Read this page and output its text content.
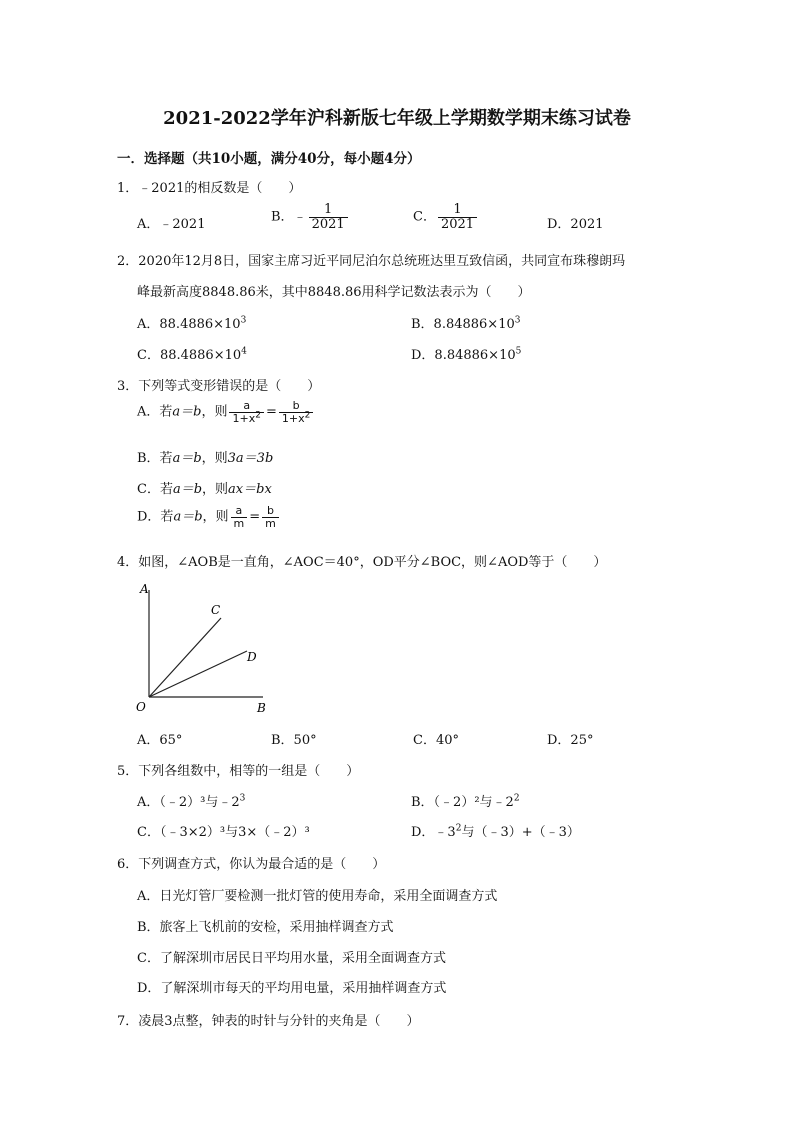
2021-2022学年沪科新版七年级上学期数学期末练习试卷
一．选择题（共10小题，满分40分，每小题4分）
1．﹣2021的相反数是（　　）
A．﹣2021	B．﹣ $\frac{1}{2021}$	C． $\frac{1}{2021}$	D．2021
2．2020年12月8日，国家主席习近平同尼泊尔总统班达里互致信函，共同宣布珠穆朗玛
峰最新高度8848.86米，其中8848.86用科学记数法表示为（　　）
A．$88.4886\times 10^3$	B．$8.84886\times 10^3$
C．$88.4886\times 10^4$	D．$8.84886\times 10^5$
3．下列等式变形错误的是（　　）
A．若a＝b，则 $\frac{a}{1+x^2} = \frac{b}{1+x^2}$
B．若a＝b，则3a＝3b
C．若a＝b，则ax＝bx
D．若a＝b，则 $\frac{a}{m} = \frac{b}{m}$
4．如图，∠AOB是一直角，∠AOC＝40°，OD平分∠BOC，则∠AOD等于（　　）
A
C
D
O	B
A．65°	B．50°	C．40°	D．25°
5．下列各组数中，相等的一组是（　　）
A．（﹣2）³与$﹣2^3$	B．（﹣2）²与$﹣2^2$
C．（﹣3×2）³与3×（﹣2）³	D．$﹣3^2$与（﹣3）+（﹣3）
6．下列调查方式，你认为最合适的是（　　）
A．日光灯管厂要检测一批灯管的使用寿命，采用全面调查方式
B．旅客上飞机前的安检，采用抽样调查方式
C．了解深圳市居民日平均用水量，采用全面调查方式
D．了解深圳市每天的平均用电量，采用抽样调查方式
7．凌晨3点整，钟表的时针与分针的夹角是（　　）
